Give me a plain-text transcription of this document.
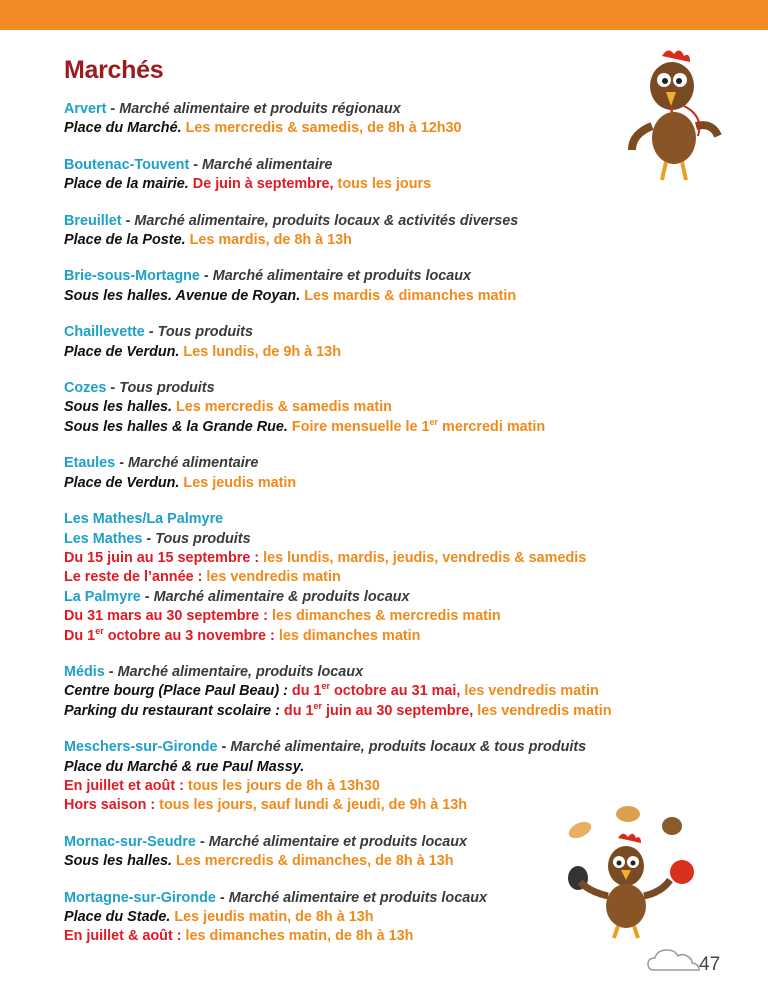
Marchés
Arvert - Marché alimentaire et produits régionaux
Place du Marché. Les mercredis & samedis, de 8h à 12h30
Boutenac-Touvent - Marché alimentaire
Place de la mairie. De juin à septembre, tous les jours
Breuillet - Marché alimentaire, produits locaux & activités diverses
Place de la Poste. Les mardis, de 8h à 13h
Brie-sous-Mortagne - Marché alimentaire et produits locaux
Sous les halles. Avenue de Royan. Les mardis & dimanches matin
Chaillevette - Tous produits
Place de Verdun. Les lundis, de 9h à 13h
Cozes - Tous produits
Sous les halles. Les mercredis & samedis matin
Sous les halles & la Grande Rue. Foire mensuelle le 1er mercredi matin
Etaules - Marché alimentaire
Place de Verdun. Les jeudis matin
Les Mathes/La Palmyre
Les Mathes - Tous produits
Du 15 juin au 15 septembre : les lundis, mardis, jeudis, vendredis & samedis
Le reste de l’année : les vendredis matin
La Palmyre - Marché alimentaire & produits locaux
Du 31 mars au 30 septembre : les dimanches & mercredis matin
Du 1er octobre au 3 novembre : les dimanches matin
Médis - Marché alimentaire, produits locaux
Centre bourg (Place Paul Beau) : du 1er octobre au 31 mai, les vendredis matin
Parking du restaurant scolaire : du 1er juin au 30 septembre, les vendredis matin
Meschers-sur-Gironde - Marché alimentaire, produits locaux & tous produits
Place du Marché & rue Paul Massy.
En juillet et août : tous les jours de 8h à 13h30
Hors saison : tous les jours, sauf lundi & jeudi, de 9h à 13h
Mornac-sur-Seudre - Marché alimentaire et produits locaux
Sous les halles. Les mercredis & dimanches, de 8h à 13h
Mortagne-sur-Gironde - Marché alimentaire et produits locaux
Place du Stade. Les jeudis matin, de 8h à 13h
En juillet & août : les dimanches matin, de 8h à 13h
47
